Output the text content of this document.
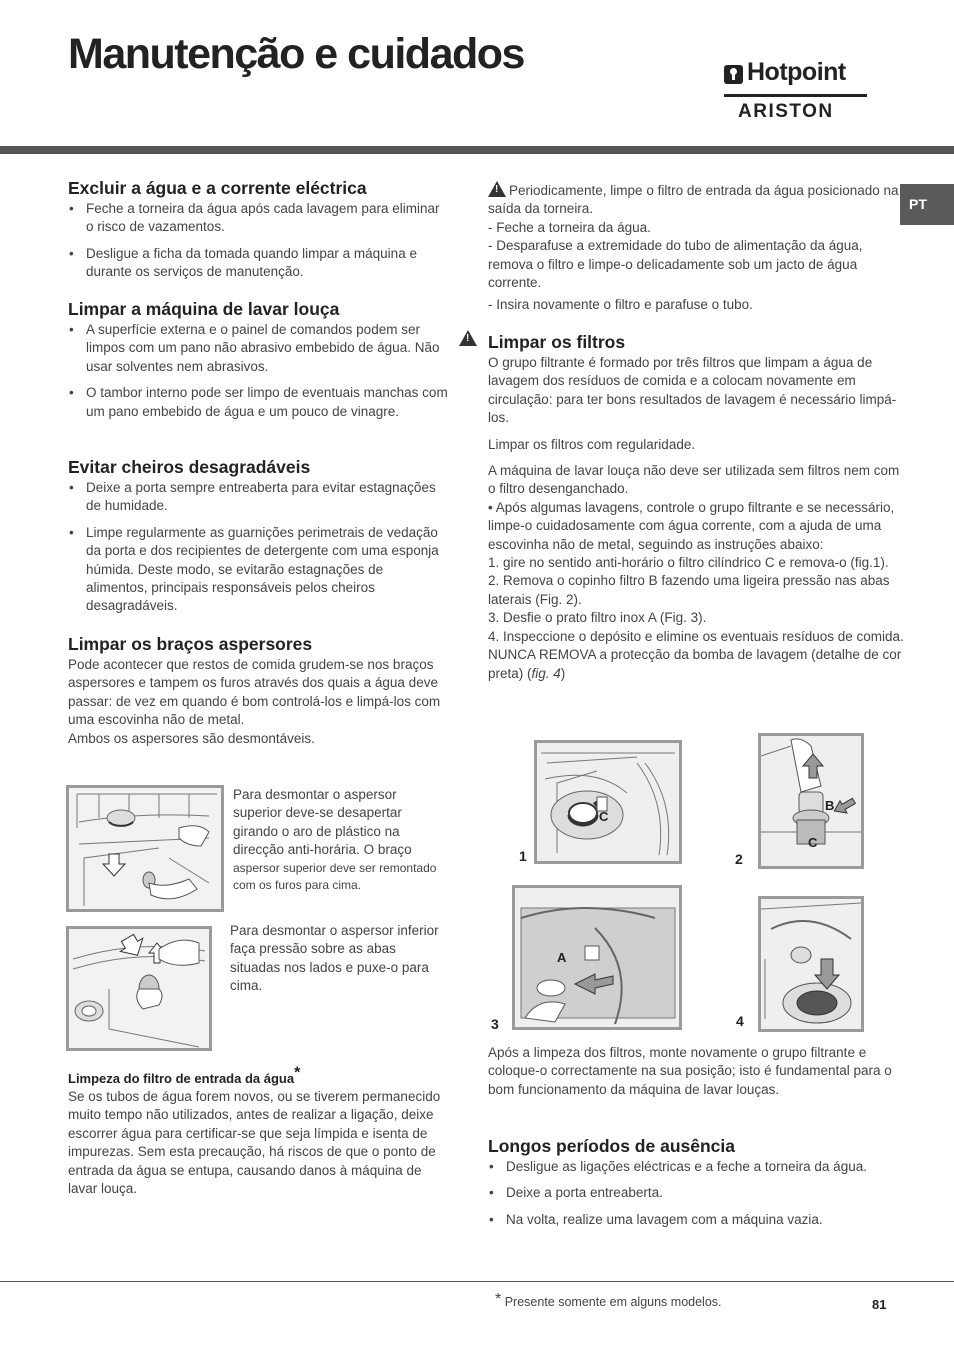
Manutenção e cuidados	Hotpoint
ARISTON
PT
Excluir a água e a corrente eléctrica
• Feche a torneira da água após cada lavagem para eliminar o risco de vazamentos.
• Desligue a ficha da tomada quando limpar a máquina e durante os serviços de manutenção.
Limpar a máquina de lavar louça
• A superfície externa e o painel de comandos podem ser limpos com um pano não abrasivo embebido de água. Não usar solventes nem abrasivos.
• O tambor interno pode ser limpo de eventuais manchas com um pano embebido de água e um pouco de vinagre.
Evitar cheiros desagradáveis
• Deixe a porta sempre entreaberta para evitar estagnações de humidade.
• Limpe regularmente as guarnições perimetrais de vedação da porta e dos recipientes de detergente com uma esponja húmida. Deste modo, se evitarão estagnações de alimentos, principais responsáveis pelos cheiros desagradáveis.
Limpar os braços aspersores

Pode acontecer que restos de comida grudem-se nos braços aspersores e tampem os furos através dos quais a água deve passar: de vez em quando é bom controlá-los e limpá-los com uma escovinha não de metal.

Ambos os aspersores são desmontáveis.

Para desmontar o aspersor superior deve-se desapertar girando o aro de plástico na direcção anti-horária. O braço

aspersor superior deve ser remontado com os furos para cima.

Para desmontar o aspersor inferior faça pressão sobre as abas situadas nos lados e puxe-o para cima.
Limpeza do filtro de entrada da água*

Se os tubos de água forem novos, ou se tiverem permanecido muito tempo não utilizados, antes de realizar a ligação, deixe escorrer água para certificar-se que seja límpida e isenta de impurezas. Sem esta precaução, há riscos de que o ponto de entrada da água se entupa, causando danos à máquina de lavar louça.

! Periodicamente, limpe o filtro de entrada da água posicionado na saída da torneira.

- Feche a torneira da água.

- Desparafuse a extremidade do tubo de alimentação da água, remova o filtro e limpe-o delicadamente sob um jacto de água corrente.

- Insira novamente o filtro e parafuse o tubo.

! Limpar os filtros

O grupo filtrante é formado por três filtros que limpam a água de lavagem dos resíduos de comida e a colocam novamente em circulação: para ter bons resultados de lavagem é necessário limpá-los.

Limpar os filtros com regularidade.

A máquina de lavar louça não deve ser utilizada sem filtros nem com o filtro desenganchado.

• Após algumas lavagens, controle o grupo filtrante e se necessário, limpe-o cuidadosamente com água corrente, com a ajuda de uma escovinha não de metal, seguindo as instruções abaixo:

1. gire no sentido anti-horário o filtro cilíndrico C e remova-o (fig.1).

2. Remova o copinho filtro B fazendo uma ligeira pressão nas abas laterais (Fig. 2).

3. Desfie o prato filtro inox A (Fig. 3).

4. Inspeccione o depósito e elimine os eventuais resíduos de comida. NUNCA REMOVA a protecção da bomba de lavagem (detalhe de cor preta) (fig. 4)

C
1
B
C
2
A
3	4
Após a limpeza dos filtros, monte novamente o grupo filtrante e coloque-o correctamente na sua posição; isto é fundamental para o bom funcionamento da máquina de lavar louças.
Longos períodos de ausência
• Desligue as ligações eléctricas e a feche a torneira da água.
• Deixe a porta entreaberta.
• Na volta, realize uma lavagem com a máquina vazia.
* Presente somente em alguns modelos.	81
